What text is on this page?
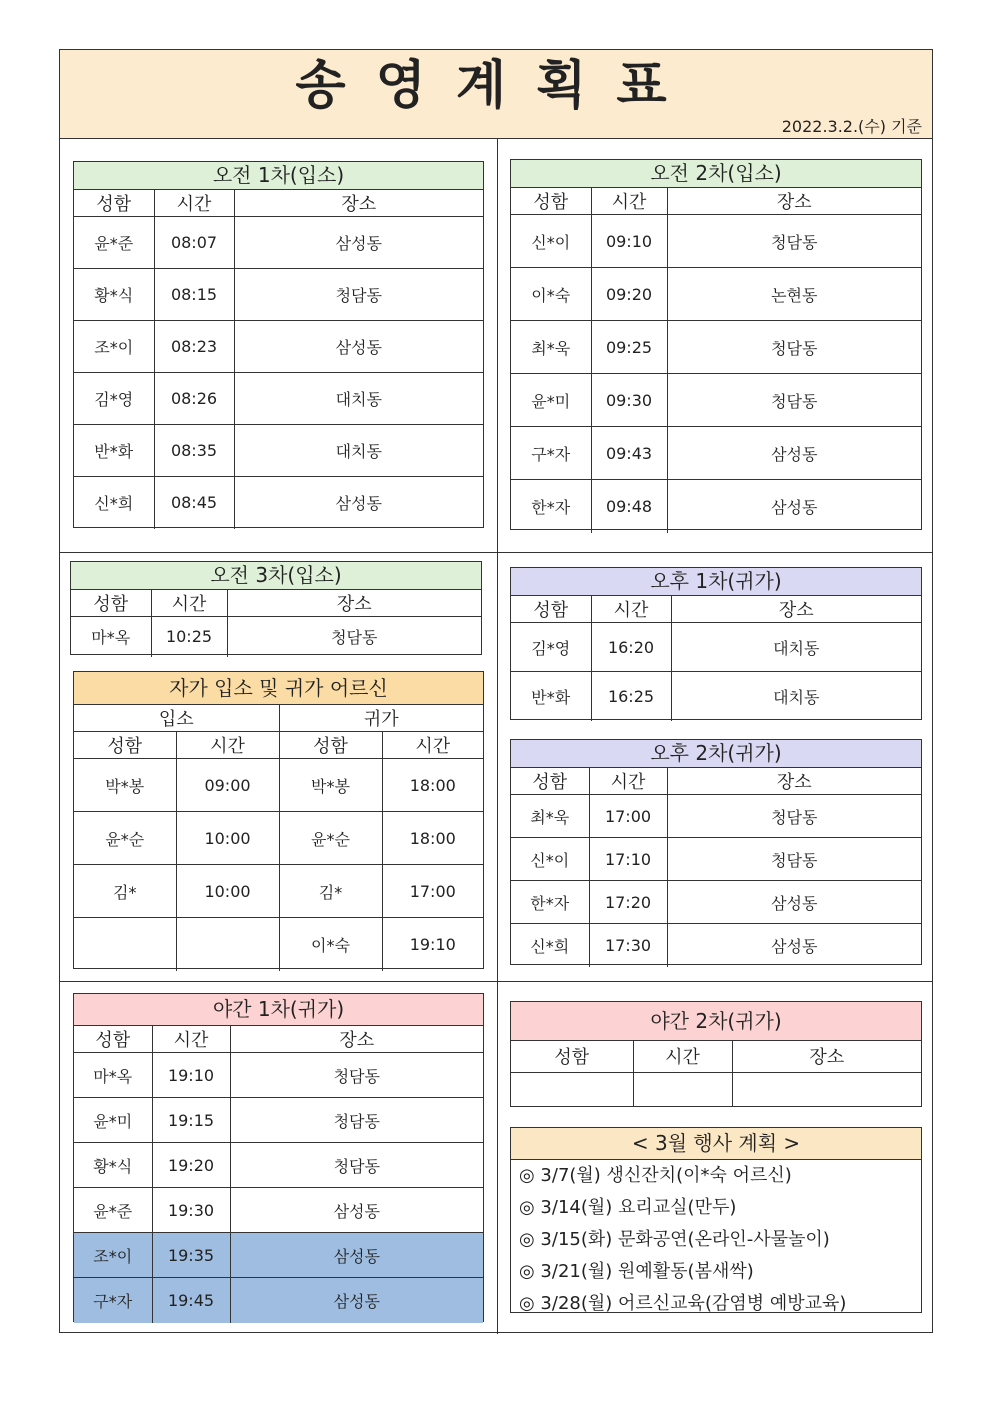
송영계획표
2022.3.2.(수) 기준
오전 1차(입소)
성함	시간	장소
윤*준	08:07	삼성동
황*식	08:15	청담동
조*이	08:23	삼성동
김*영	08:26	대치동
반*화	08:35	대치동
신*희	08:45	삼성동
오전 2차(입소)
성함	시간	장소
신*이	09:10	청담동
이*숙	09:20	논현동
최*욱	09:25	청담동
윤*미	09:30	청담동
구*자	09:43	삼성동
한*자	09:48	삼성동
오전 3차(입소)
성함	시간	장소
마*옥	10:25	청담동
자가 입소 및 귀가 어르신
입소		귀가	
성함	시간	성함	시간
박*봉	09:00	박*봉	18:00
윤*순	10:00	윤*순	18:00
김*	10:00	김*	17:00
		이*숙	19:10
오후 1차(귀가)
성함	시간	장소
김*영	16:20	대치동
반*화	16:25	대치동
오후 2차(귀가)
성함	시간	장소
최*욱	17:00	청담동
신*이	17:10	청담동
한*자	17:20	삼성동
신*희	17:30	삼성동
야간 1차(귀가)
성함	시간	장소
마*옥	19:10	청담동
윤*미	19:15	청담동
황*식	19:20	청담동
윤*준	19:30	삼성동
조*이	19:35	삼성동
구*자	19:45	삼성동
야간 2차(귀가)
성함	시간	장소

< 3월 행사 계획 >
◎ 3/7(월) 생신잔치(이*숙 어르신)
◎ 3/14(월) 요리교실(만두)
◎ 3/15(화) 문화공연(온라인-사물놀이)
◎ 3/21(월) 원예활동(봄새싹)
◎ 3/28(월) 어르신교육(감염병 예방교육)
